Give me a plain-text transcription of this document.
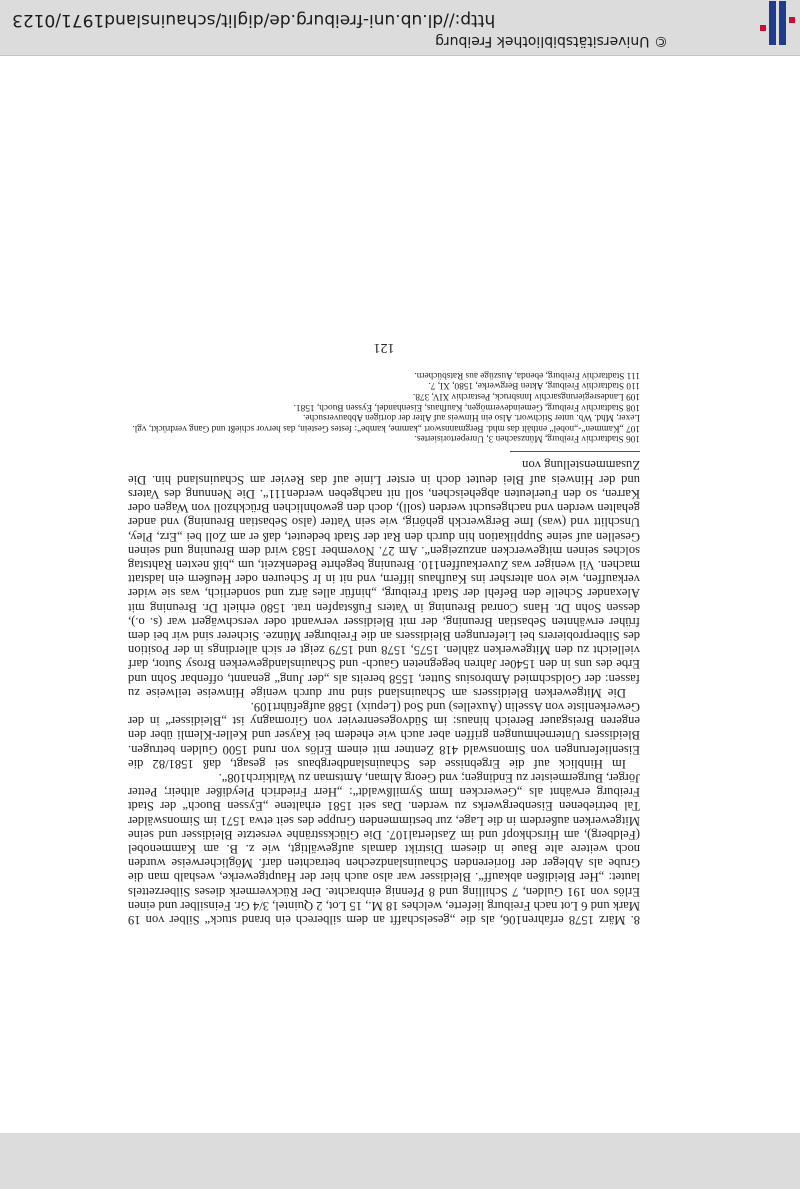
8. März 1578 erfahren106, als die „geselschafft an dem silberech ein brand stuck“ Silber von 19 Mark und 6 Lot nach Freiburg lieferte, welches 18 M., 15 Lot, 2 Quintel, 3/4 Gr. Feinsilber und einen Erlös von 191 Gulden, 7 Schilling und 8 Pfennig einbrachte. Der Rückvermerk dieses Silberzettels lautet: „Her Bleidißen abkauff“. Bleidisser war also auch hier der Hauptgewerke, weshalb man die Grube als Ableger der florierenden Schauinslandzechen betrachten darf. Möglicherweise wurden noch weitere alte Baue in diesem Distrikt damals aufgewältigt, wie z. B. am Kammenobel (Feldberg), am Hirschkopf und im Zastlertal107. Die Glücksstränhe versetzte Bleidisser und seine Mitgewerken außerdem in die Lage, zur bestimmenden Gruppe des seit etwa 1571 im Simonswälder Tal betriebenen Eisenbergwerks zu werden. Das seit 1581 erhaltene „Eyssen Buoch“ der Stadt Freiburg erwähnt als „Gewercken Imm Symilßwaldt“: „Herr Friedrich Pleydißer altheir; Petter Jörger, Burgermeister zu Endingen; vnd Georg Alman, Amtsman zu Waltkirch108“.

Im Hinblick auf die Ergebnisse des Schauinslandbergbaus sei gesagt, daß 1581/82 die Eisenlieferungen von Simonswald 418 Zentner mit einem Erlös von rund 1500 Gulden betrugen. Bleidissers Unternehmungen griffen aber auch wie ehedem bei Kayser und Keller-Klemli über den engeren Breisgauer Bereich hinaus: im Südvogesenrevier von Giromagny ist „Bleidisser“ in der Gewerkenliste von Asselin (Auxelles) und Sod (Lepuix) 1588 aufgeführt109.

Die Mitgewerken Bleidissers am Schauinsland sind nur durch wenige Hinweise teilweise zu fassen: der Goldschmied Ambrosius Sutter, 1558 bereits als „der Jung“ genannt, offenbar Sohn und Erbe des uns in den 1540er Jahren begegneten Gauch- und Schauinslandgewerken Brosy Sutor, darf vielleicht zu den Mitgewerken zählen. 1575, 1578 und 1579 zeigt er sich allerdings in der Position des Silberprobierers bei Lieferungen Bleidissers an die Freiburger Münze. Sicherer sind wir bei dem früher erwähnten Sebastian Breuning, der mit Bleidisser verwandt oder verschwägert war (s. o.), dessen Sohn Dr. Hans Conrad Breuning in Vaters Fußstapfen trat. 1580 erhielt Dr. Breuning mit Alexander Schelle den Befehl der Stadt Freiburg, „hinfür alles ärtz und sonderlich, was sie wider verkauffen, wie von altersher ins Kaufhaus liffern, vnd nit in Ir Scheuren oder Heußern ein ladstatt machen. Vil weniger was Zuverkauffen110. Breuning begehrte Bedenkzeit, um „biß nexten Rahtstag solches seinen mitgewercken anzuzeigen“. Am 27. November 1583 wird dem Breuning und seinen Gesellen auf seine Supplikation hin durch den Rat der Stadt bedeutet, daß er am Zoll bei „Erz, Pley, Unschlitt vnd (was) Ime Bergwerckh gehörig, wie sein Vatter (also Sebastian Breuning) vnd ander gehalten werden vnd nachgesucht werden (soll), doch den gewohnlichen Brückhzoll von Wagen oder Karren, so den Fuerleuten abgeheischen, soll nit nachgeben werden111“. Die Nennung des Vaters und der Hinweis auf Blei deutet doch in erster Linie auf das Revier am Schauinsland hin. Die Zusammenstellung von

106 Stadtarchiv Freiburg, Münzsachen 3, Unrepertorisiertes.

107 „Kammen“-„nobel“ enthält das mhd. Bergmannswort „kamme, kambe“: festes Gestein, das hervor schießt und Gang verdrückt, vgl. Lexer, Mhd. Wb. unter Stichwort. Also ein Hinweis auf Alter der dortigen Abbauversuche.

108 Stadtarchiv Freiburg, Gemeindevermögen, Kaufhaus, Eisenhandel, Eyssen Buoch, 1581.

109 Landesregierungsarchiv Innsbruck, Pestarchiv XIV, 378.

110 Stadtarchiv Freiburg, Akten Bergwerke, 1580, XI, 7.

111 Stadtarchiv Freiburg, ebenda, Auszüge aus Ratsbüchern.

121
http://dl.ub.uni-freiburg.de/diglit/schauinsland1971/0123
© Universitätsbibliothek Freiburg
